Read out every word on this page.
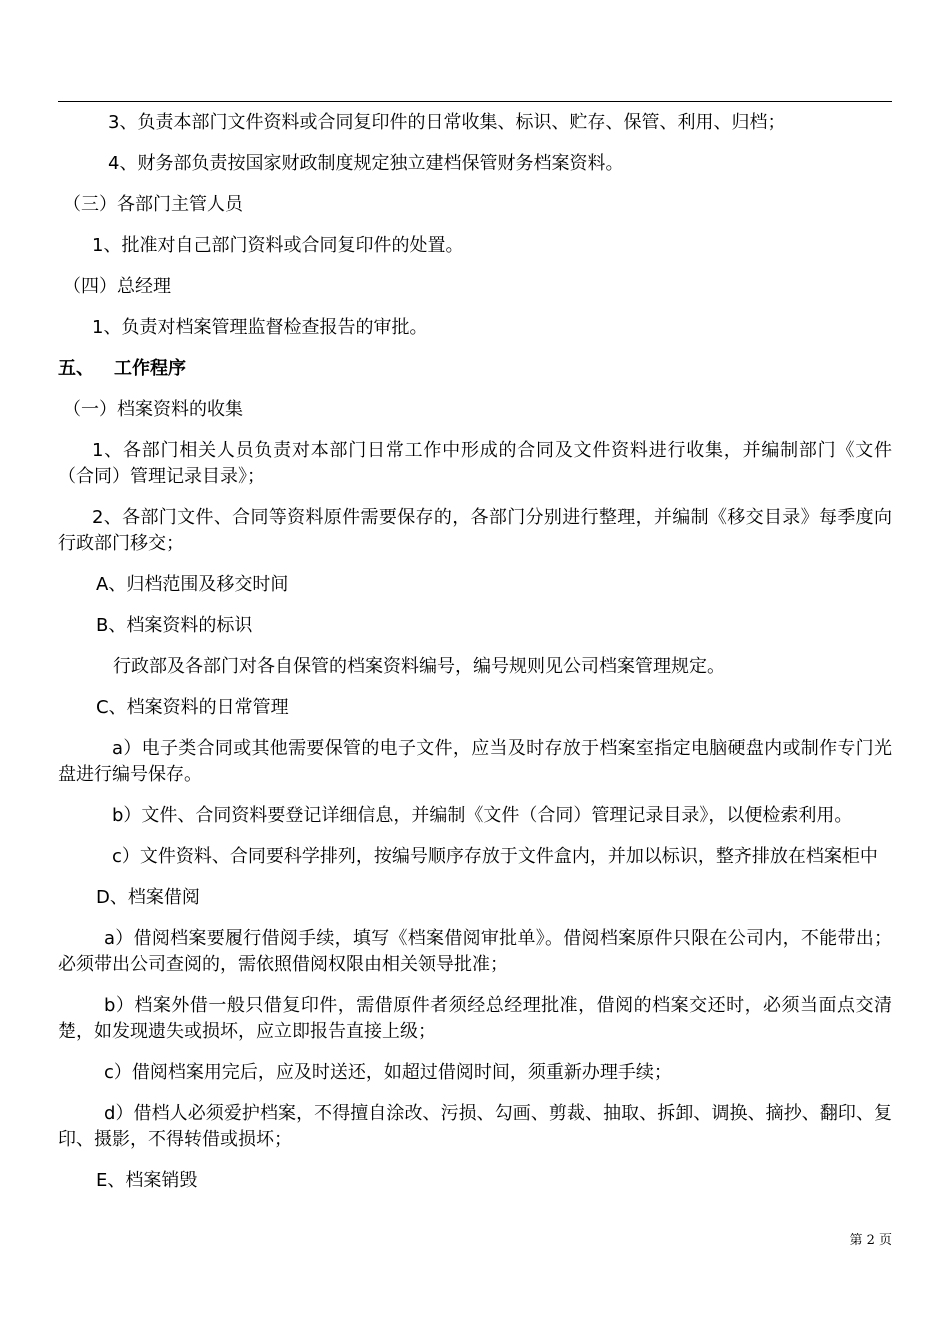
3、负责本部门文件资料或合同复印件的日常收集、标识、贮存、保管、利用、归档；
4、财务部负责按国家财政制度规定独立建档保管财务档案资料。
（三）各部门主管人员
1、批准对自己部门资料或合同复印件的处置。
（四）总经理
1、负责对档案管理监督检查报告的审批。
五、 工作程序
（一）档案资料的收集
1、各部门相关人员负责对本部门日常工作中形成的合同及文件资料进行收集，并编制部门《文件（合同）管理记录目录》；
2、各部门文件、合同等资料原件需要保存的，各部门分别进行整理，并编制《移交目录》每季度向行政部门移交；
A、归档范围及移交时间
B、档案资料的标识
行政部及各部门对各自保管的档案资料编号，编号规则见公司档案管理规定。
C、档案资料的日常管理
a）电子类合同或其他需要保管的电子文件，应当及时存放于档案室指定电脑硬盘内或制作专门光盘进行编号保存。
b）文件、合同资料要登记详细信息，并编制《文件（合同）管理记录目录》，以便检索利用。
c）文件资料、合同要科学排列，按编号顺序存放于文件盒内，并加以标识，整齐排放在档案柜中
D、档案借阅
a）借阅档案要履行借阅手续，填写《档案借阅审批单》。借阅档案原件只限在公司内，不能带出；必须带出公司查阅的，需依照借阅权限由相关领导批准；
b）档案外借一般只借复印件，需借原件者须经总经理批准，借阅的档案交还时，必须当面点交清楚，如发现遗失或损坏，应立即报告直接上级；
c）借阅档案用完后，应及时送还，如超过借阅时间，须重新办理手续；
d）借档人必须爱护档案，不得擅自涂改、污损、勾画、剪裁、抽取、拆卸、调换、摘抄、翻印、复印、摄影，不得转借或损坏；
E、档案销毁
第 2 页
